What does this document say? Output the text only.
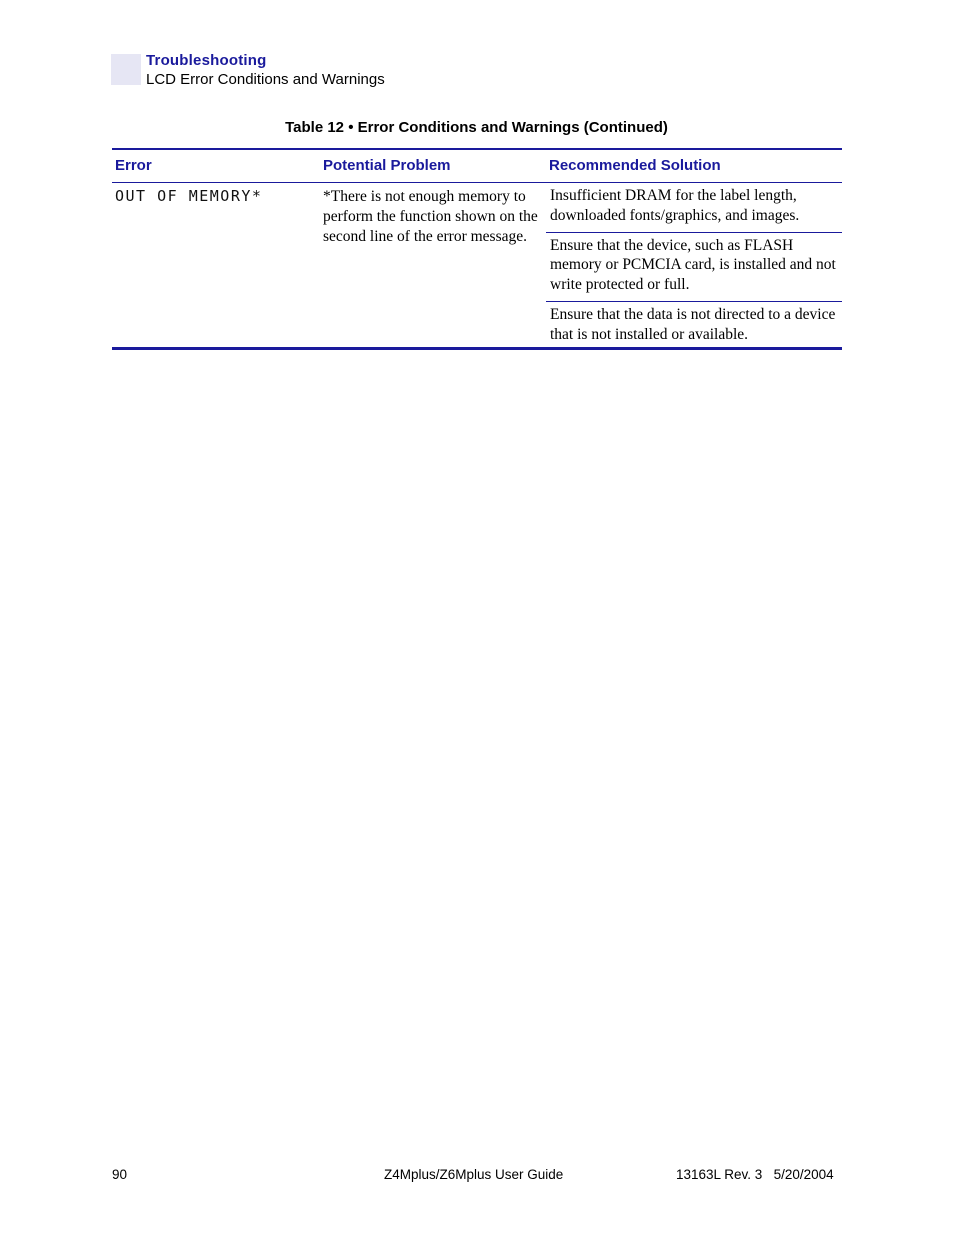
Troubleshooting
LCD Error Conditions and Warnings
Table 12 • Error Conditions and Warnings (Continued)
Error	Potential Problem	Recommended Solution
OUT OF MEMORY*	*There is not enough memory to perform the function shown on the second line of the error message.
Insufficient DRAM for the label length, downloaded fonts/graphics, and images.
Ensure that the device, such as FLASH memory or PCMCIA card, is installed and not write protected or full.
Ensure that the data is not directed to a device that is not installed or available.
90	Z4Mplus/Z6Mplus User Guide	13163L Rev. 3   5/20/2004
